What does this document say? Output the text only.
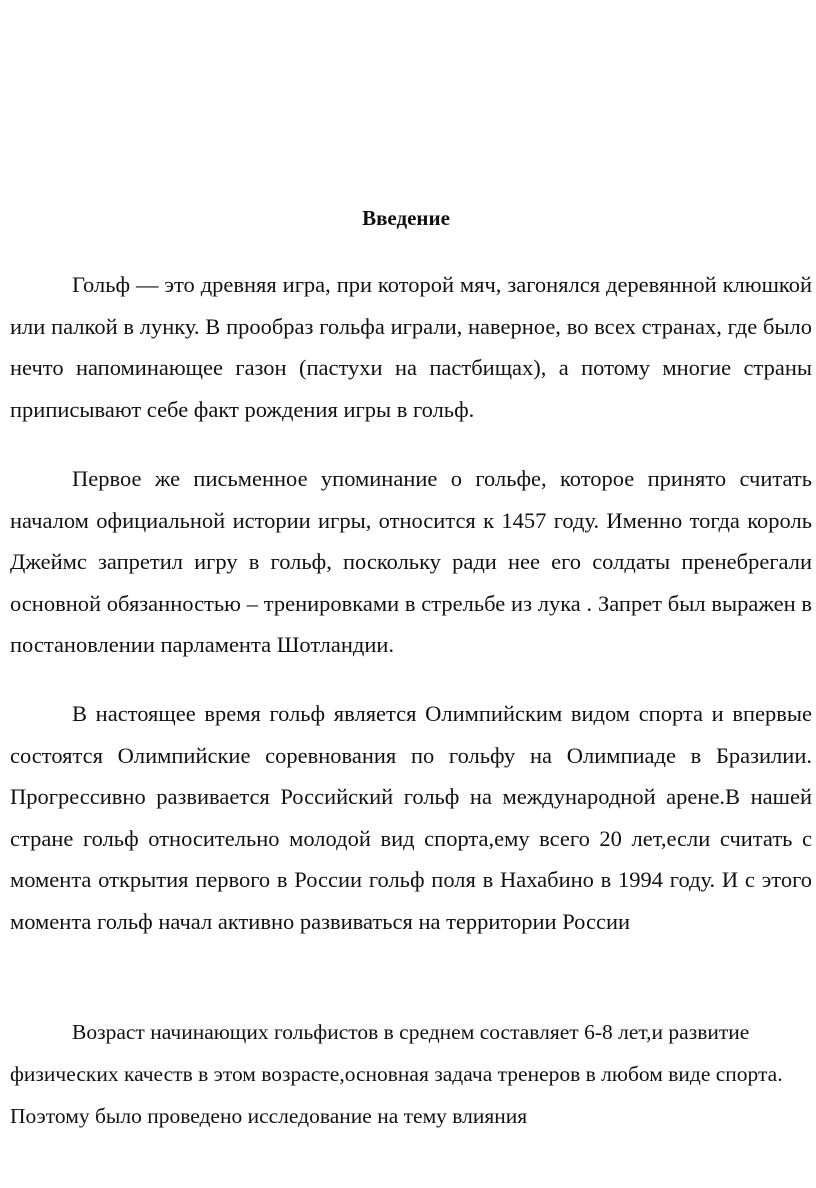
Введение
Гольф — это древняя игра, при которой мяч, загонялся деревянной клюшкой или палкой в лунку. В прообраз гольфа играли, наверное, во всех странах, где было нечто напоминающее газон (пастухи на пастбищах), а потому многие страны приписывают себе факт рождения игры в гольф.
Первое же письменное упоминание о гольфе, которое принято считать началом официальной истории игры, относится к 1457 году. Именно тогда король Джеймс запретил игру в гольф, поскольку ради нее его солдаты пренебрегали основной обязанностью – тренировками в стрельбе из лука . Запрет был выражен в постановлении парламента Шотландии.
В настоящее время гольф является Олимпийским видом спорта и впервые состоятся Олимпийские соревнования по гольфу на Олимпиаде в Бразилии. Прогрессивно развивается Российский гольф на международной арене.В нашей стране гольф относительно молодой вид спорта,ему всего 20 лет,если считать с момента открытия первого в России гольф поля в Нахабино в 1994 году. И с этого момента гольф начал активно развиваться на территории России
Возраст начинающих гольфистов в среднем составляет 6-8 лет,и развитие физических качеств в этом возрасте,основная задача тренеров в любом виде спорта. Поэтому было проведено исследование на тему влияния
